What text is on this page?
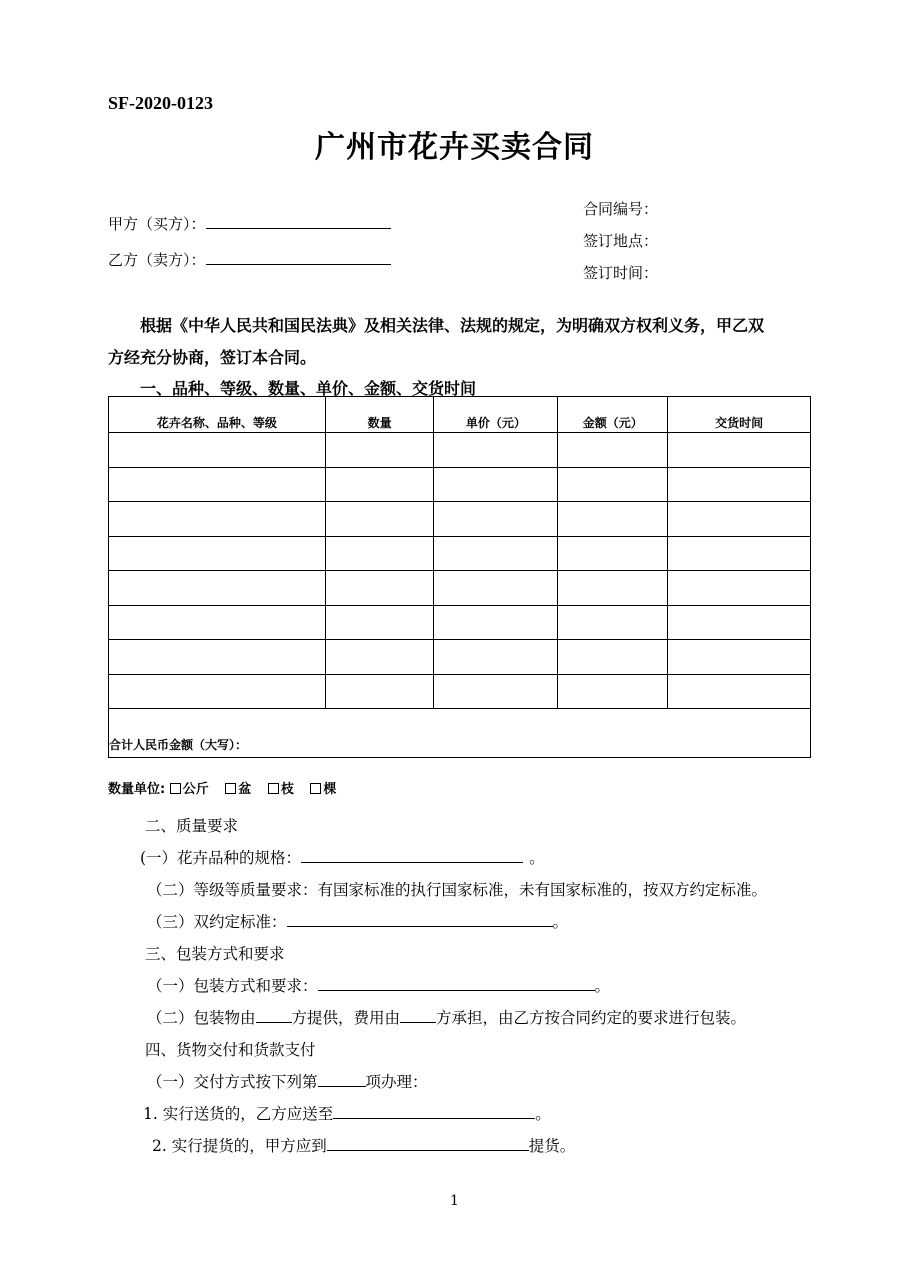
SF-2020-0123
广州市花卉买卖合同
甲方（买方）：
乙方（卖方）：
合同编号：
签订地点：
签订时间：
根据《中华人民共和国民法典》及相关法律、法规的规定，为明确双方权利义务，甲乙双
方经充分协商，签订本合同。
一、品种、等级、数量、单价、金额、交货时间
花卉名称、品种、等级	数量	单价（元）	金额（元）	交货时间

合计人民币金额（大写）：				
数量单位: 公斤 盆 枝 棵
二、质量要求
(一）花卉品种的规格：	。
（二）等级等质量要求：有国家标准的执行国家标准，未有国家标准的，按双方约定标准。
（三）双约定标准：	。
三、包装方式和要求
（一）包装方式和要求：	。
（二）包装物由 方提供，费用由 方承担，由乙方按合同约定的要求进行包装。
四、货物交付和货款支付
（一）交付方式按下列第	项办理：
1. 实行送货的，乙方应送至	。
2. 实行提货的，甲方应到	提货。
1
